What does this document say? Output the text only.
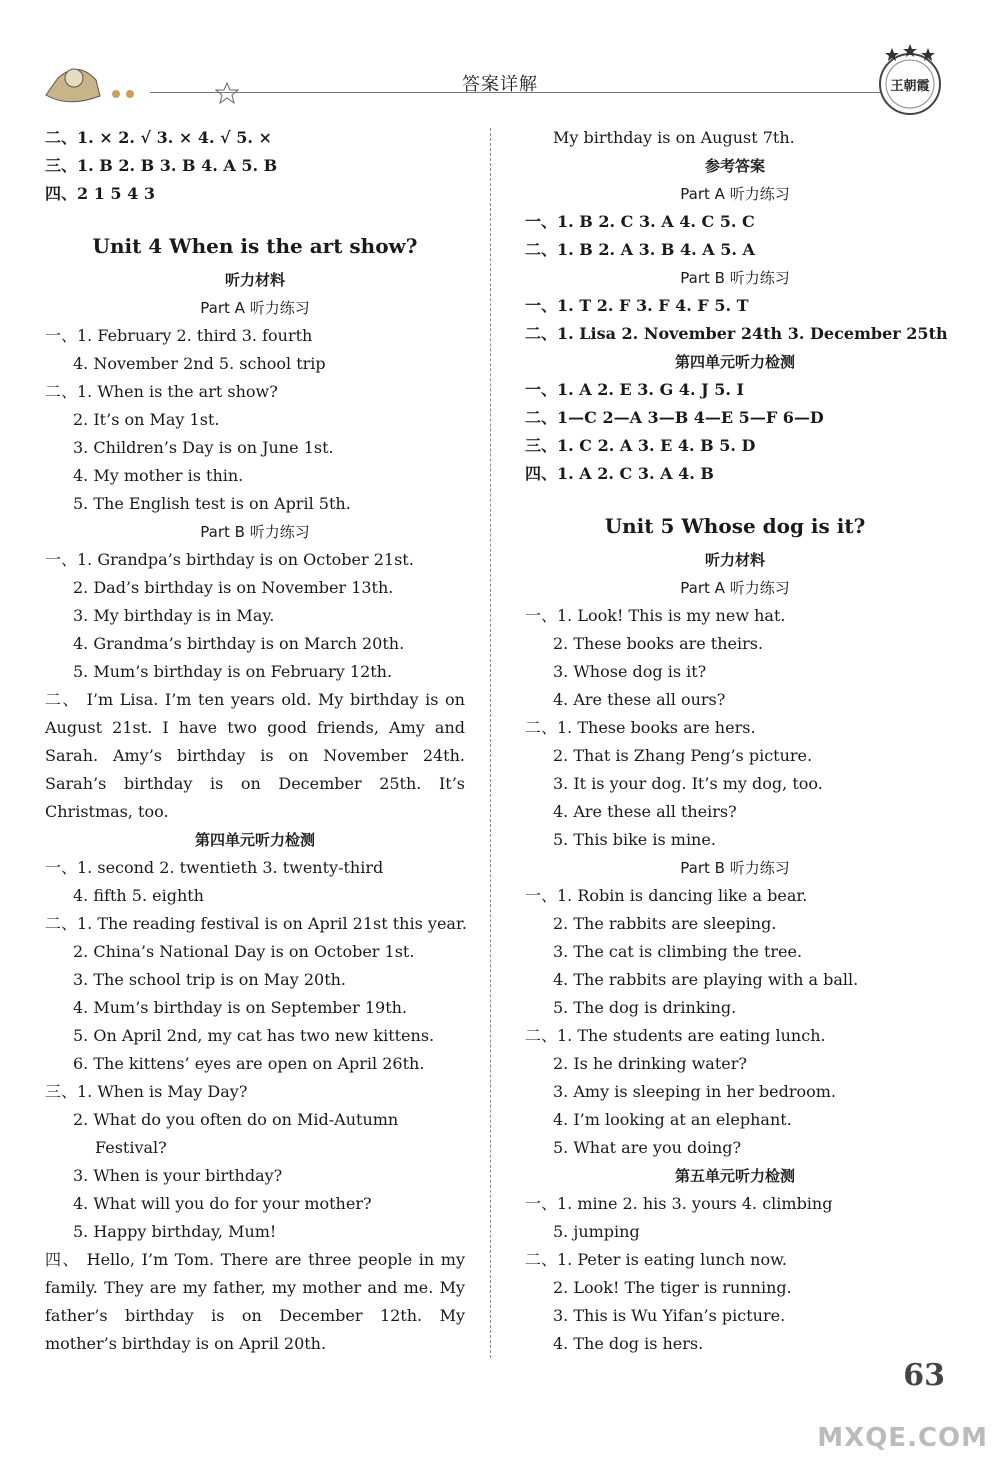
答案详解	王朝霞
二、1. × 2. √ 3. × 4. √ 5. ×
三、1. B 2. B 3. B 4. A 5. B
四、2 1 5 4 3
Unit 4 When is the art show?
听力材料
Part A 听力练习
一、1. February 2. third 3. fourth
4. November 2nd 5. school trip
二、1. When is the art show?
2. It’s on May 1st.
3. Children’s Day is on June 1st.
4. My mother is thin.
5. The English test is on April 5th.
Part B 听力练习
一、1. Grandpa’s birthday is on October 21st.
2. Dad’s birthday is on November 13th.
3. My birthday is in May.
4. Grandma’s birthday is on March 20th.
5. Mum’s birthday is on February 12th.
二、 I’m Lisa. I’m ten years old. My birthday is on August 21st. I have two good friends, Amy and Sarah. Amy’s birthday is on November 24th. Sarah’s birthday is on December 25th. It’s Christmas, too.
第四单元听力检测
一、1. second 2. twentieth 3. twenty-third
4. fifth 5. eighth
二、1. The reading festival is on April 21st this year.
2. China’s National Day is on October 1st.
3. The school trip is on May 20th.
4. Mum’s birthday is on September 19th.
5. On April 2nd, my cat has two new kittens.
6. The kittens’ eyes are open on April 26th.
三、1. When is May Day?
2. What do you often do on Mid-Autumn
Festival?
3. When is your birthday?
4. What will you do for your mother?
5. Happy birthday, Mum!
四、 Hello, I’m Tom. There are three people in my family. They are my father, my mother and me. My father’s birthday is on December 12th. My mother’s birthday is on April 20th.
My birthday is on August 7th.
参考答案
Part A 听力练习
一、1. B 2. C 3. A 4. C 5. C
二、1. B 2. A 3. B 4. A 5. A
Part B 听力练习
一、1. T 2. F 3. F 4. F 5. T
二、1. Lisa 2. November 24th 3. December 25th
第四单元听力检测
一、1. A 2. E 3. G 4. J 5. I
二、1—C 2—A 3—B 4—E 5—F 6—D
三、1. C 2. A 3. E 4. B 5. D
四、1. A 2. C 3. A 4. B
Unit 5 Whose dog is it?
听力材料
Part A 听力练习
一、1. Look! This is my new hat.
2. These books are theirs.
3. Whose dog is it?
4. Are these all ours?
二、1. These books are hers.
2. That is Zhang Peng’s picture.
3. It is your dog. It’s my dog, too.
4. Are these all theirs?
5. This bike is mine.
Part B 听力练习
一、1. Robin is dancing like a bear.
2. The rabbits are sleeping.
3. The cat is climbing the tree.
4. The rabbits are playing with a ball.
5. The dog is drinking.
二、1. The students are eating lunch.
2. Is he drinking water?
3. Amy is sleeping in her bedroom.
4. I’m looking at an elephant.
5. What are you doing?
第五单元听力检测
一、1. mine 2. his 3. yours 4. climbing
5. jumping
二、1. Peter is eating lunch now.
2. Look! The tiger is running.
3. This is Wu Yifan’s picture.
4. The dog is hers.
63
MXQE.COM
